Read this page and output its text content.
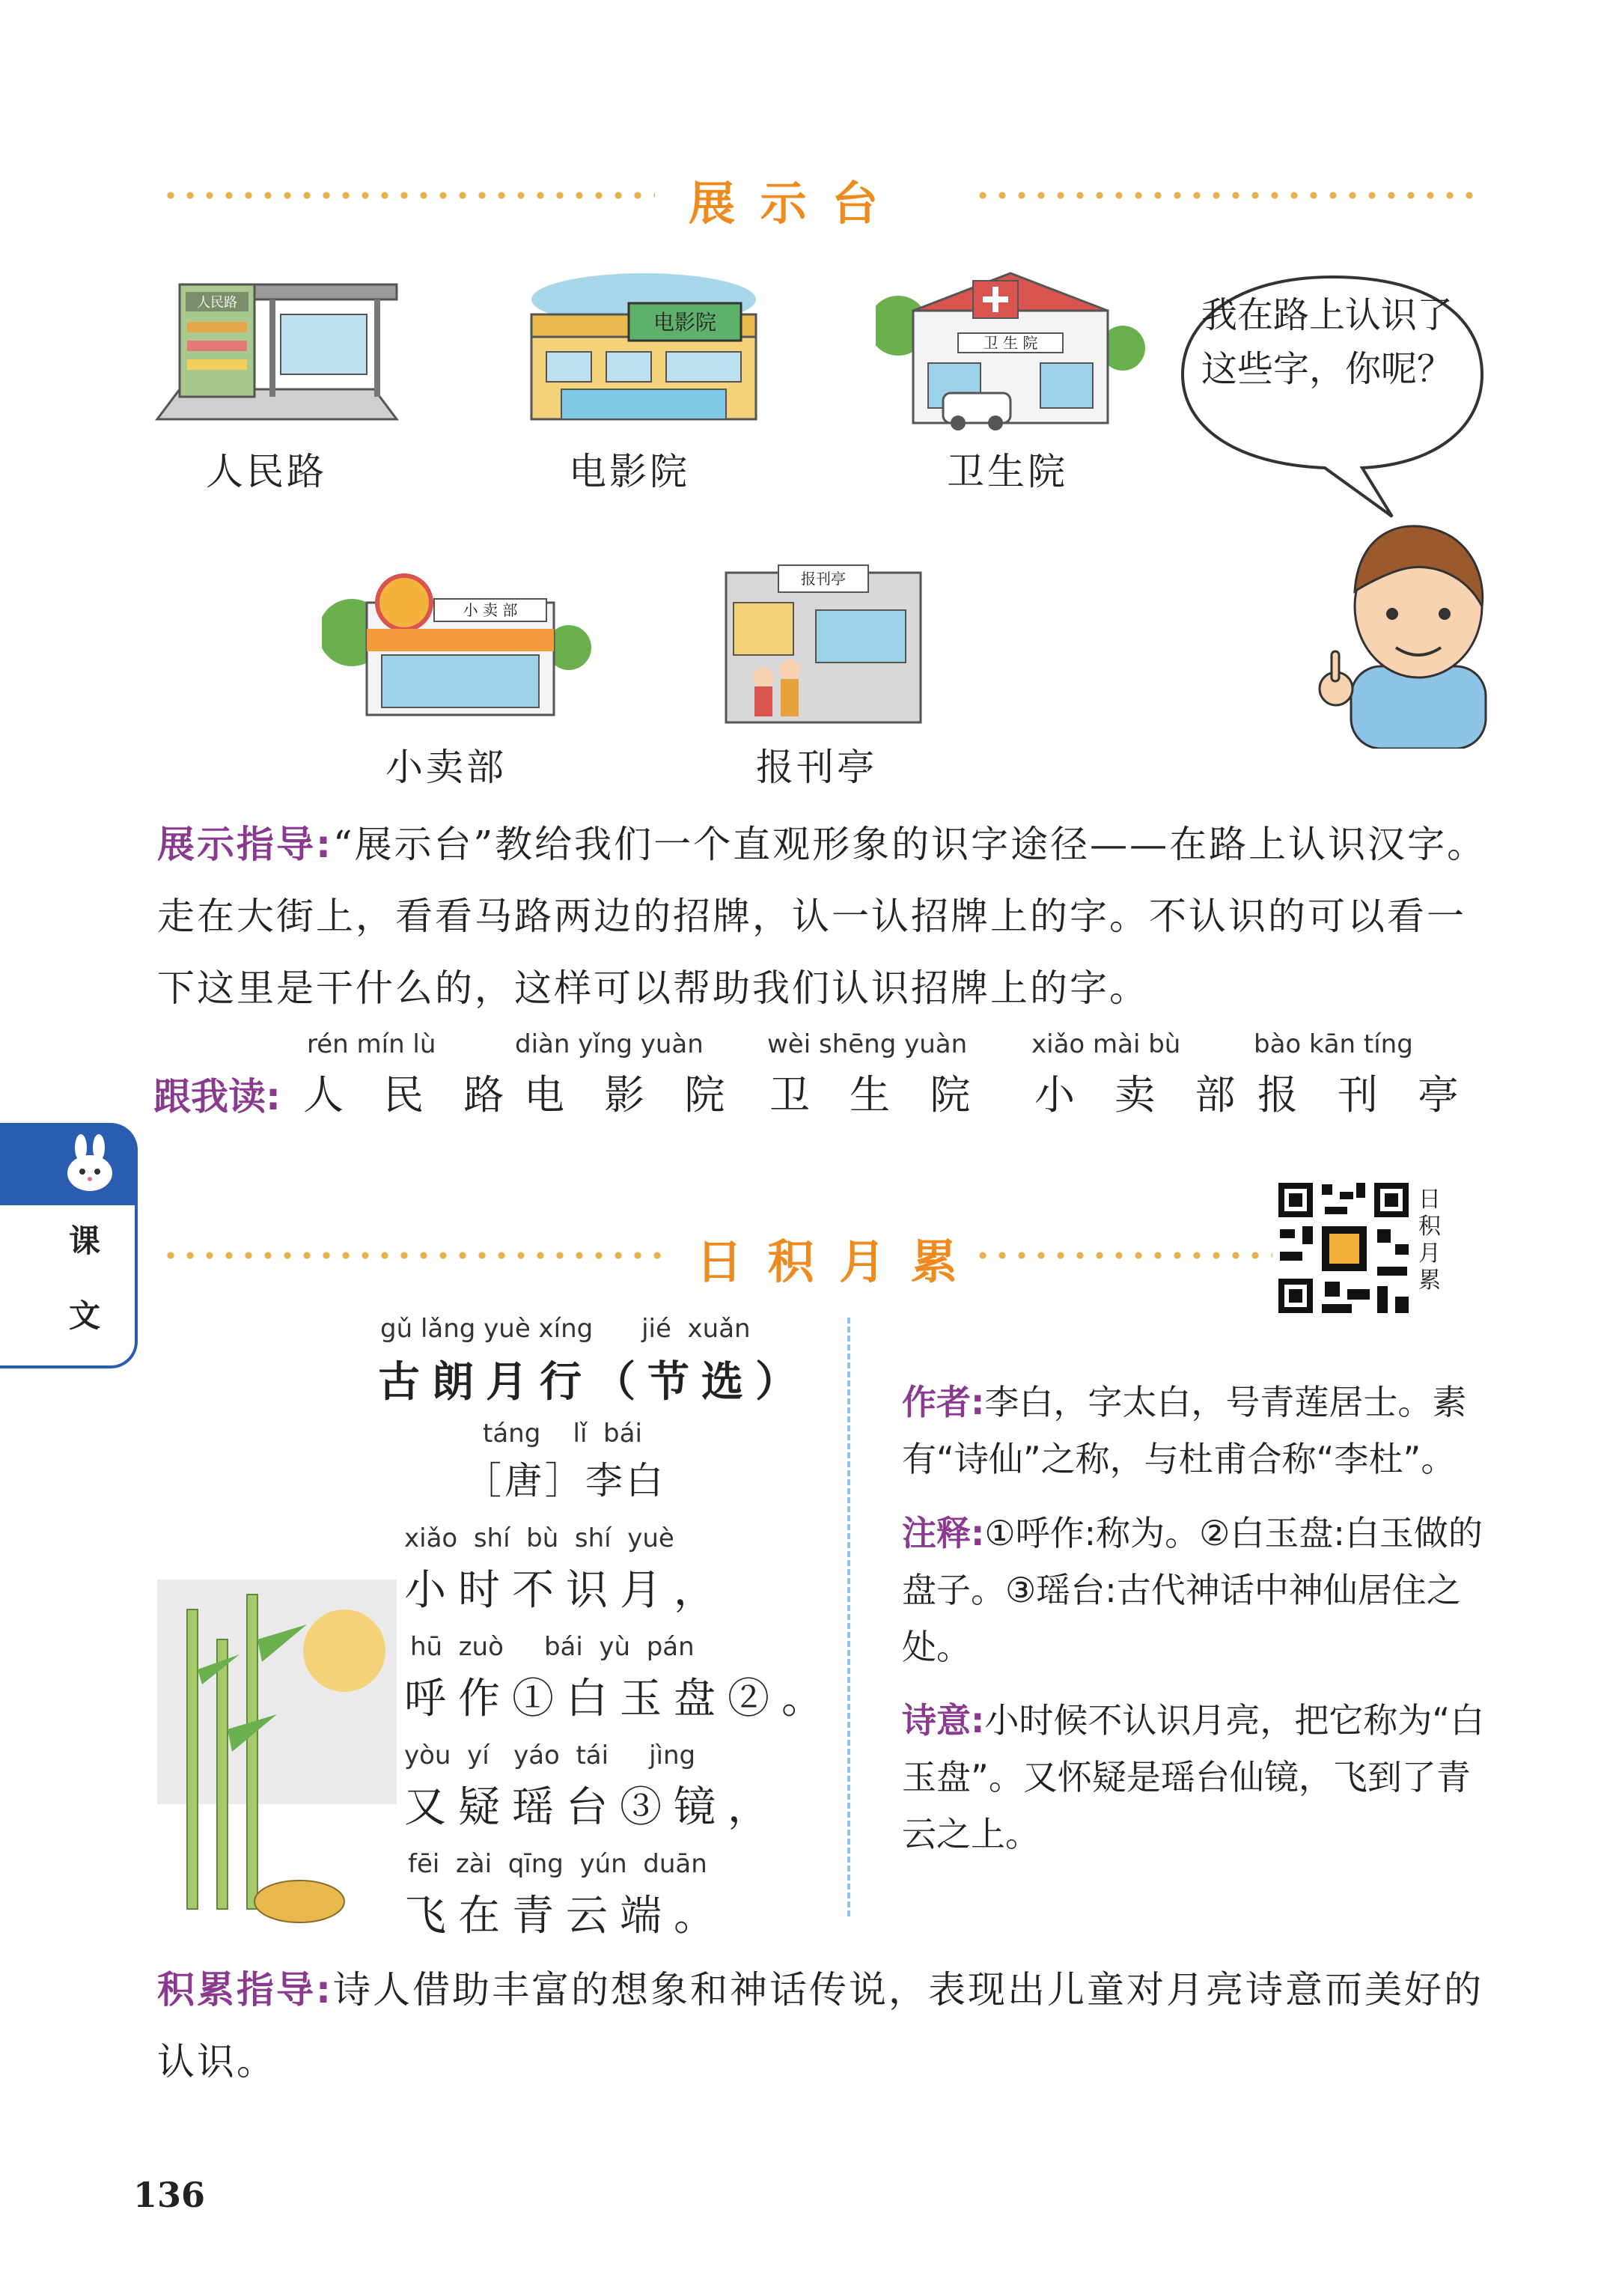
展 示 台
人民路
人民路
电影院
电影院
卫 生 院
卫生院
我在路上认识了这些字，你呢？
小 卖 部
小卖部
报刊亭
报刊亭
展示指导:“展示台”教给我们一个直观形象的识字途径——在路上认识汉字。走在大街上，看看马路两边的招牌，认一认招牌上的字。不认识的可以看一下这里是干什么的，这样可以帮助我们认识招牌上的字。
跟我读:
rén mín lù
人 民 路
diàn yǐng yuàn
电 影 院
wèi shēng yuàn
卫 生 院
xiǎo mài bù
小 卖 部
bào kān tíng
报 刊 亭
课
文
日 积 月 累
日积月累
gǔ lǎng yuè xíng      jié  xuǎn
古朗月行（节选）
táng    lǐ  bái
［唐］李白
xiǎo  shí  bù  shí  yuè
小时不识月，
hū  zuò     bái  yù  pán
呼作①白玉盘②。
yòu  yí   yáo  tái     jìng
又疑瑶台③镜，
fēi  zài  qīng  yún  duān
飞在青云端。
作者:李白，字太白，号青莲居士。素有“诗仙”之称，与杜甫合称“李杜”。
注释:①呼作:称为。②白玉盘:白玉做的盘子。③瑶台:古代神话中神仙居住之处。
诗意:小时候不认识月亮，把它称为“白玉盘”。又怀疑是瑶台仙镜，飞到了青云之上。
积累指导:诗人借助丰富的想象和神话传说，表现出儿童对月亮诗意而美好的认识。
136
